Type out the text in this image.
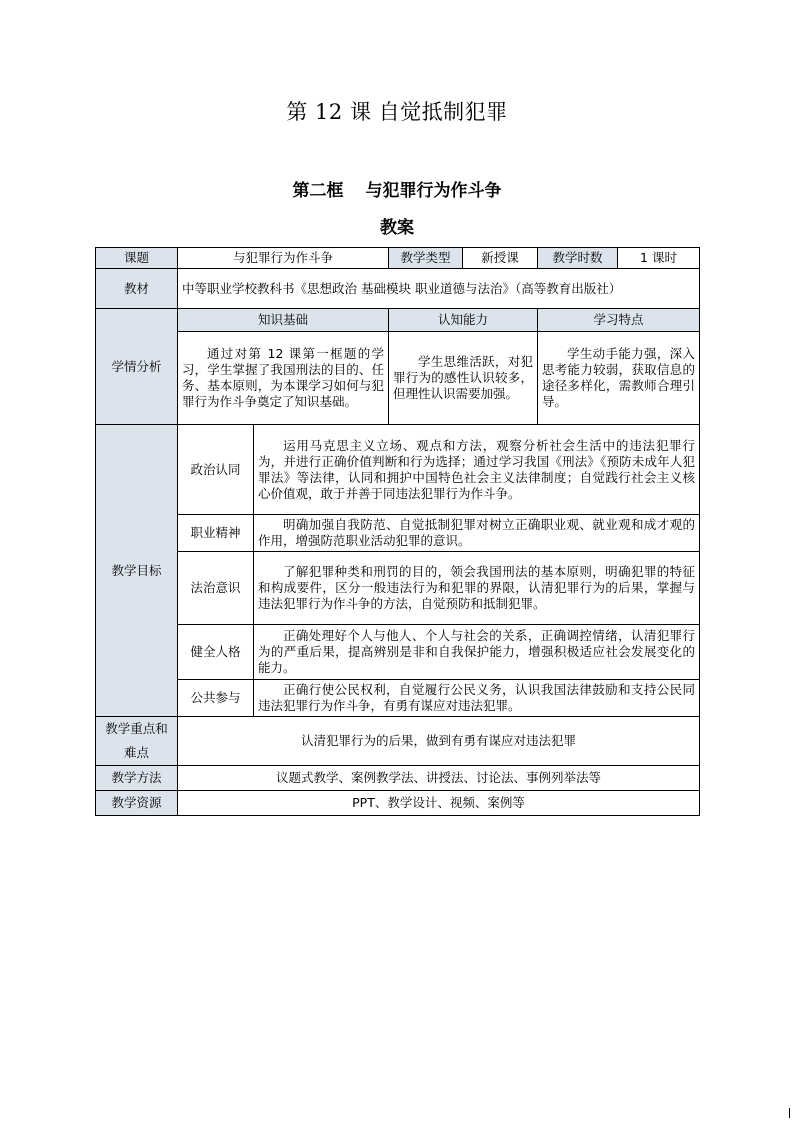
第 12 课 自觉抵制犯罪
第二框 与犯罪行为作斗争
教案
课题	与犯罪行为作斗争		教学类型	新授课	教学时数	1 课时
教材	中等职业学校教科书《思想政治 基础模块 职业道德与法治》（高等教育出版社）					
学情分析	知识基础		认知能力		学习特点	
	通过对第 12 课第一框题的学习，学生掌握了我国刑法的目的、任务、基本原则，为本课学习如何与犯罪行为作斗争奠定了知识基础。		学生思维活跃，对犯罪行为的感性认识较多，但理性认识需要加强。		学生动手能力强，深入思考能力较弱，获取信息的途径多样化，需教师合理引导。	
教学目标	政治认同	运用马克思主义立场、观点和方法，观察分析社会生活中的违法犯罪行为，并进行正确价值判断和行为选择；通过学习我国《刑法》《预防未成年人犯罪法》等法律，认同和拥护中国特色社会主义法律制度；自觉践行社会主义核心价值观，敢于并善于同违法犯罪行为作斗争。				
	职业精神	明确加强自我防范、自觉抵制犯罪对树立正确职业观、就业观和成才观的作用，增强防范职业活动犯罪的意识。				
	法治意识	了解犯罪种类和刑罚的目的，领会我国刑法的基本原则，明确犯罪的特征和构成要件，区分一般违法行为和犯罪的界限，认清犯罪行为的后果，掌握与违法犯罪行为作斗争的方法，自觉预防和抵制犯罪。				
	健全人格	正确处理好个人与他人、个人与社会的关系，正确调控情绪，认清犯罪行为的严重后果，提高辨别是非和自我保护能力，增强积极适应社会发展变化的能力。				
	公共参与	正确行使公民权利，自觉履行公民义务，认识我国法律鼓励和支持公民同违法犯罪行为作斗争，有勇有谋应对违法犯罪。				
教学重点和难点	认清犯罪行为的后果，做到有勇有谋应对违法犯罪					
教学方法	议题式教学、案例教学法、讲授法、讨论法、事例列举法等					
教学资源	PPT、教学设计、视频、案例等					
